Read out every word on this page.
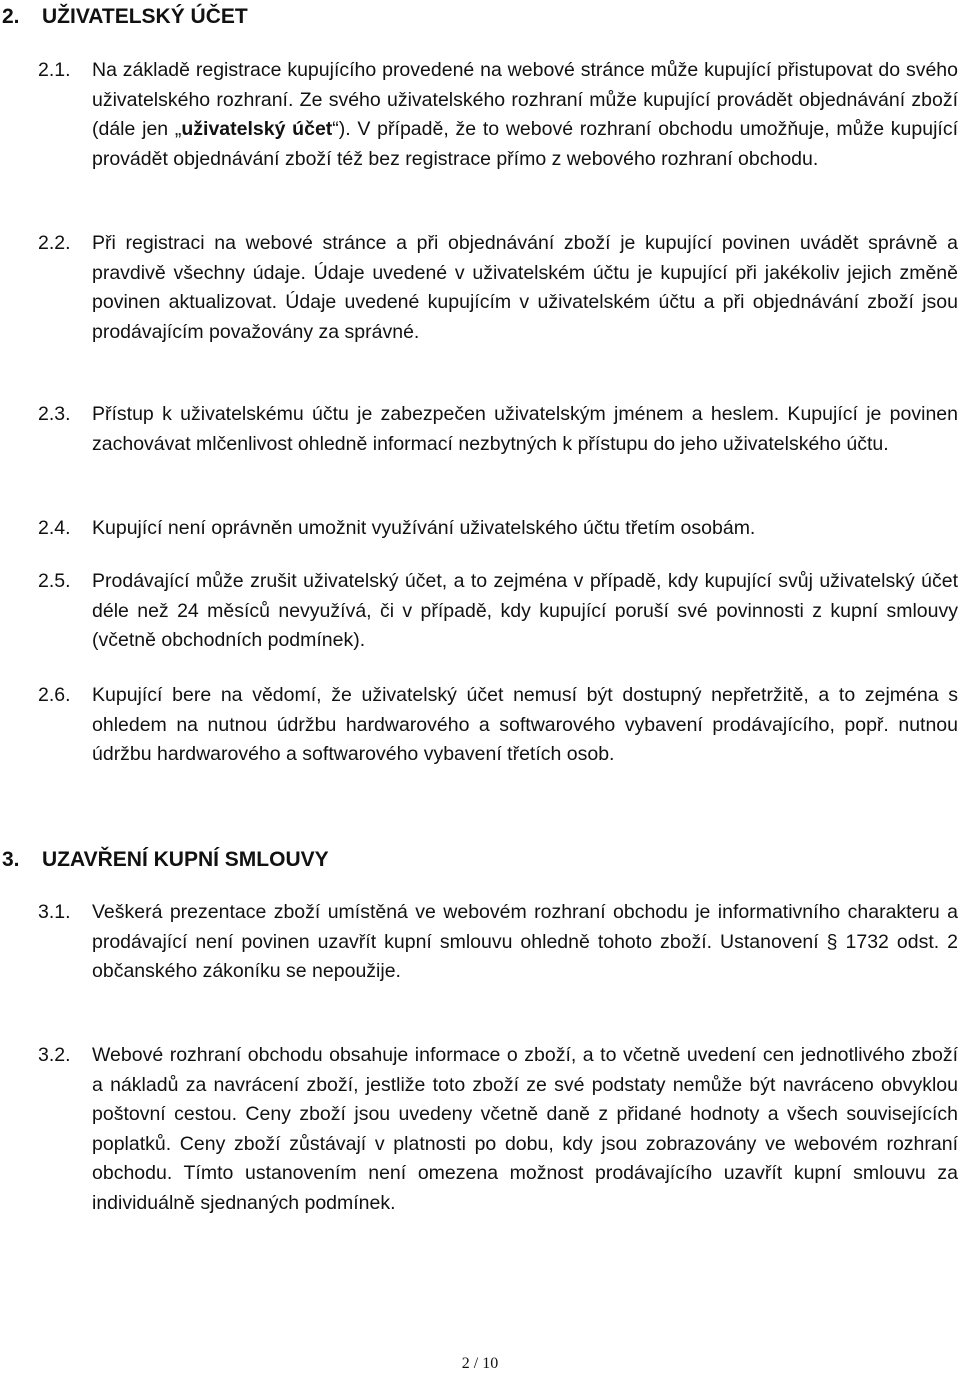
2.	UŽIVATELSKÝ ÚČET
2.1.	Na základě registrace kupujícího provedené na webové stránce může kupující přistupovat do svého uživatelského rozhraní. Ze svého uživatelského rozhraní může kupující provádět objednávání zboží (dále jen „uživatelský účet“). V případě, že to webové rozhraní obchodu umožňuje, může kupující provádět objednávání zboží též bez registrace přímo z webového rozhraní obchodu.

2.2.	Při registraci na webové stránce a při objednávání zboží je kupující povinen uvádět správně a pravdivě všechny údaje. Údaje uvedené v uživatelském účtu je kupující při jakékoliv jejich změně povinen aktualizovat. Údaje uvedené kupujícím v uživatelském účtu a při objednávání zboží jsou prodávajícím považovány za správné.

2.3.	Přístup k uživatelskému účtu je zabezpečen uživatelským jménem a heslem. Kupující je povinen zachovávat mlčenlivost ohledně informací nezbytných k přístupu do jeho uživatelského účtu.

2.4.	Kupující není oprávněn umožnit využívání uživatelského účtu třetím osobám.

2.5.	Prodávající může zrušit uživatelský účet, a to zejména v případě, kdy kupující svůj uživatelský účet déle než 24 měsíců nevyužívá, či v případě, kdy kupující poruší své povinnosti z kupní smlouvy (včetně obchodních podmínek).

2.6.	Kupující bere na vědomí, že uživatelský účet nemusí být dostupný nepřetržitě, a to zejména s ohledem na nutnou údržbu hardwarového a softwarového vybavení prodávajícího, popř. nutnou údržbu hardwarového a softwarového vybavení třetích osob.

3.	UZAVŘENÍ KUPNÍ SMLOUVY
3.1.	Veškerá prezentace zboží umístěná ve webovém rozhraní obchodu je informativního charakteru a prodávající není povinen uzavřít kupní smlouvu ohledně tohoto zboží. Ustanovení § 1732 odst. 2 občanského zákoníku se nepoužije.

3.2.	Webové rozhraní obchodu obsahuje informace o zboží, a to včetně uvedení cen jednotlivého zboží a nákladů za navrácení zboží, jestliže toto zboží ze své podstaty nemůže být navráceno obvyklou poštovní cestou. Ceny zboží jsou uvedeny včetně daně z přidané hodnoty a všech souvisejících poplatků. Ceny zboží zůstávají v platnosti po dobu, kdy jsou zobrazovány ve webovém rozhraní obchodu. Tímto ustanovením není omezena možnost prodávajícího uzavřít kupní smlouvu za individuálně sjednaných podmínek.

2 / 10
